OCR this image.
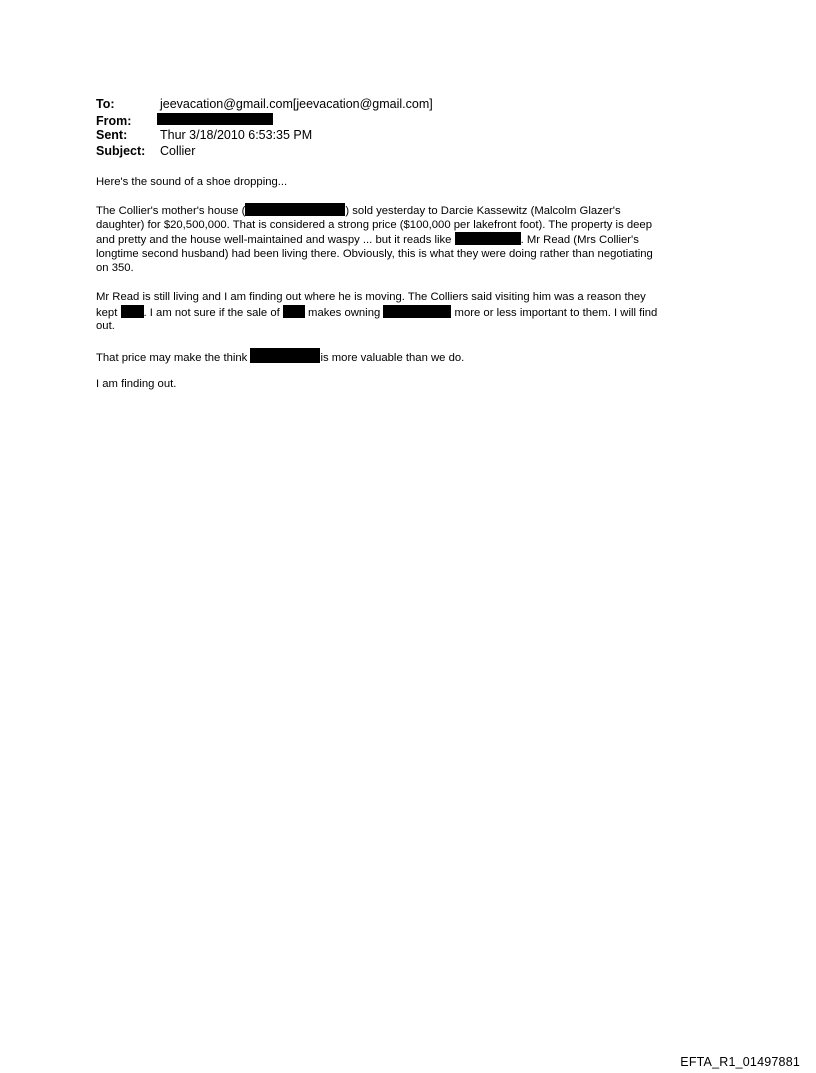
To:	jeevacation@gmail.com[jeevacation@gmail.com]
From:
Sent:	Thur 3/18/2010 6:53:35 PM
Subject:	Collier
Here's the sound of a shoe dropping...
The Collier's mother's house (	) sold yesterday to Darcie Kassewitz (Malcolm Glazer's
daughter) for $20,500,000. That is considered a strong price ($100,000 per lakefront foot). The property is deep
and pretty and the house well-maintained and waspy ... but it reads like	. Mr Read (Mrs Collier's
longtime second husband) had been living there. Obviously, this is what they were doing rather than negotiating
on 350.
Mr Read is still living and I am finding out where he is moving. The Colliers said visiting him was a reason they
kept . I am not sure if the sale of  makes owning	more or less important to them. I will find
out.
That price may make the think	is more valuable than we do.
I am finding out.
EFTA_R1_01497881
